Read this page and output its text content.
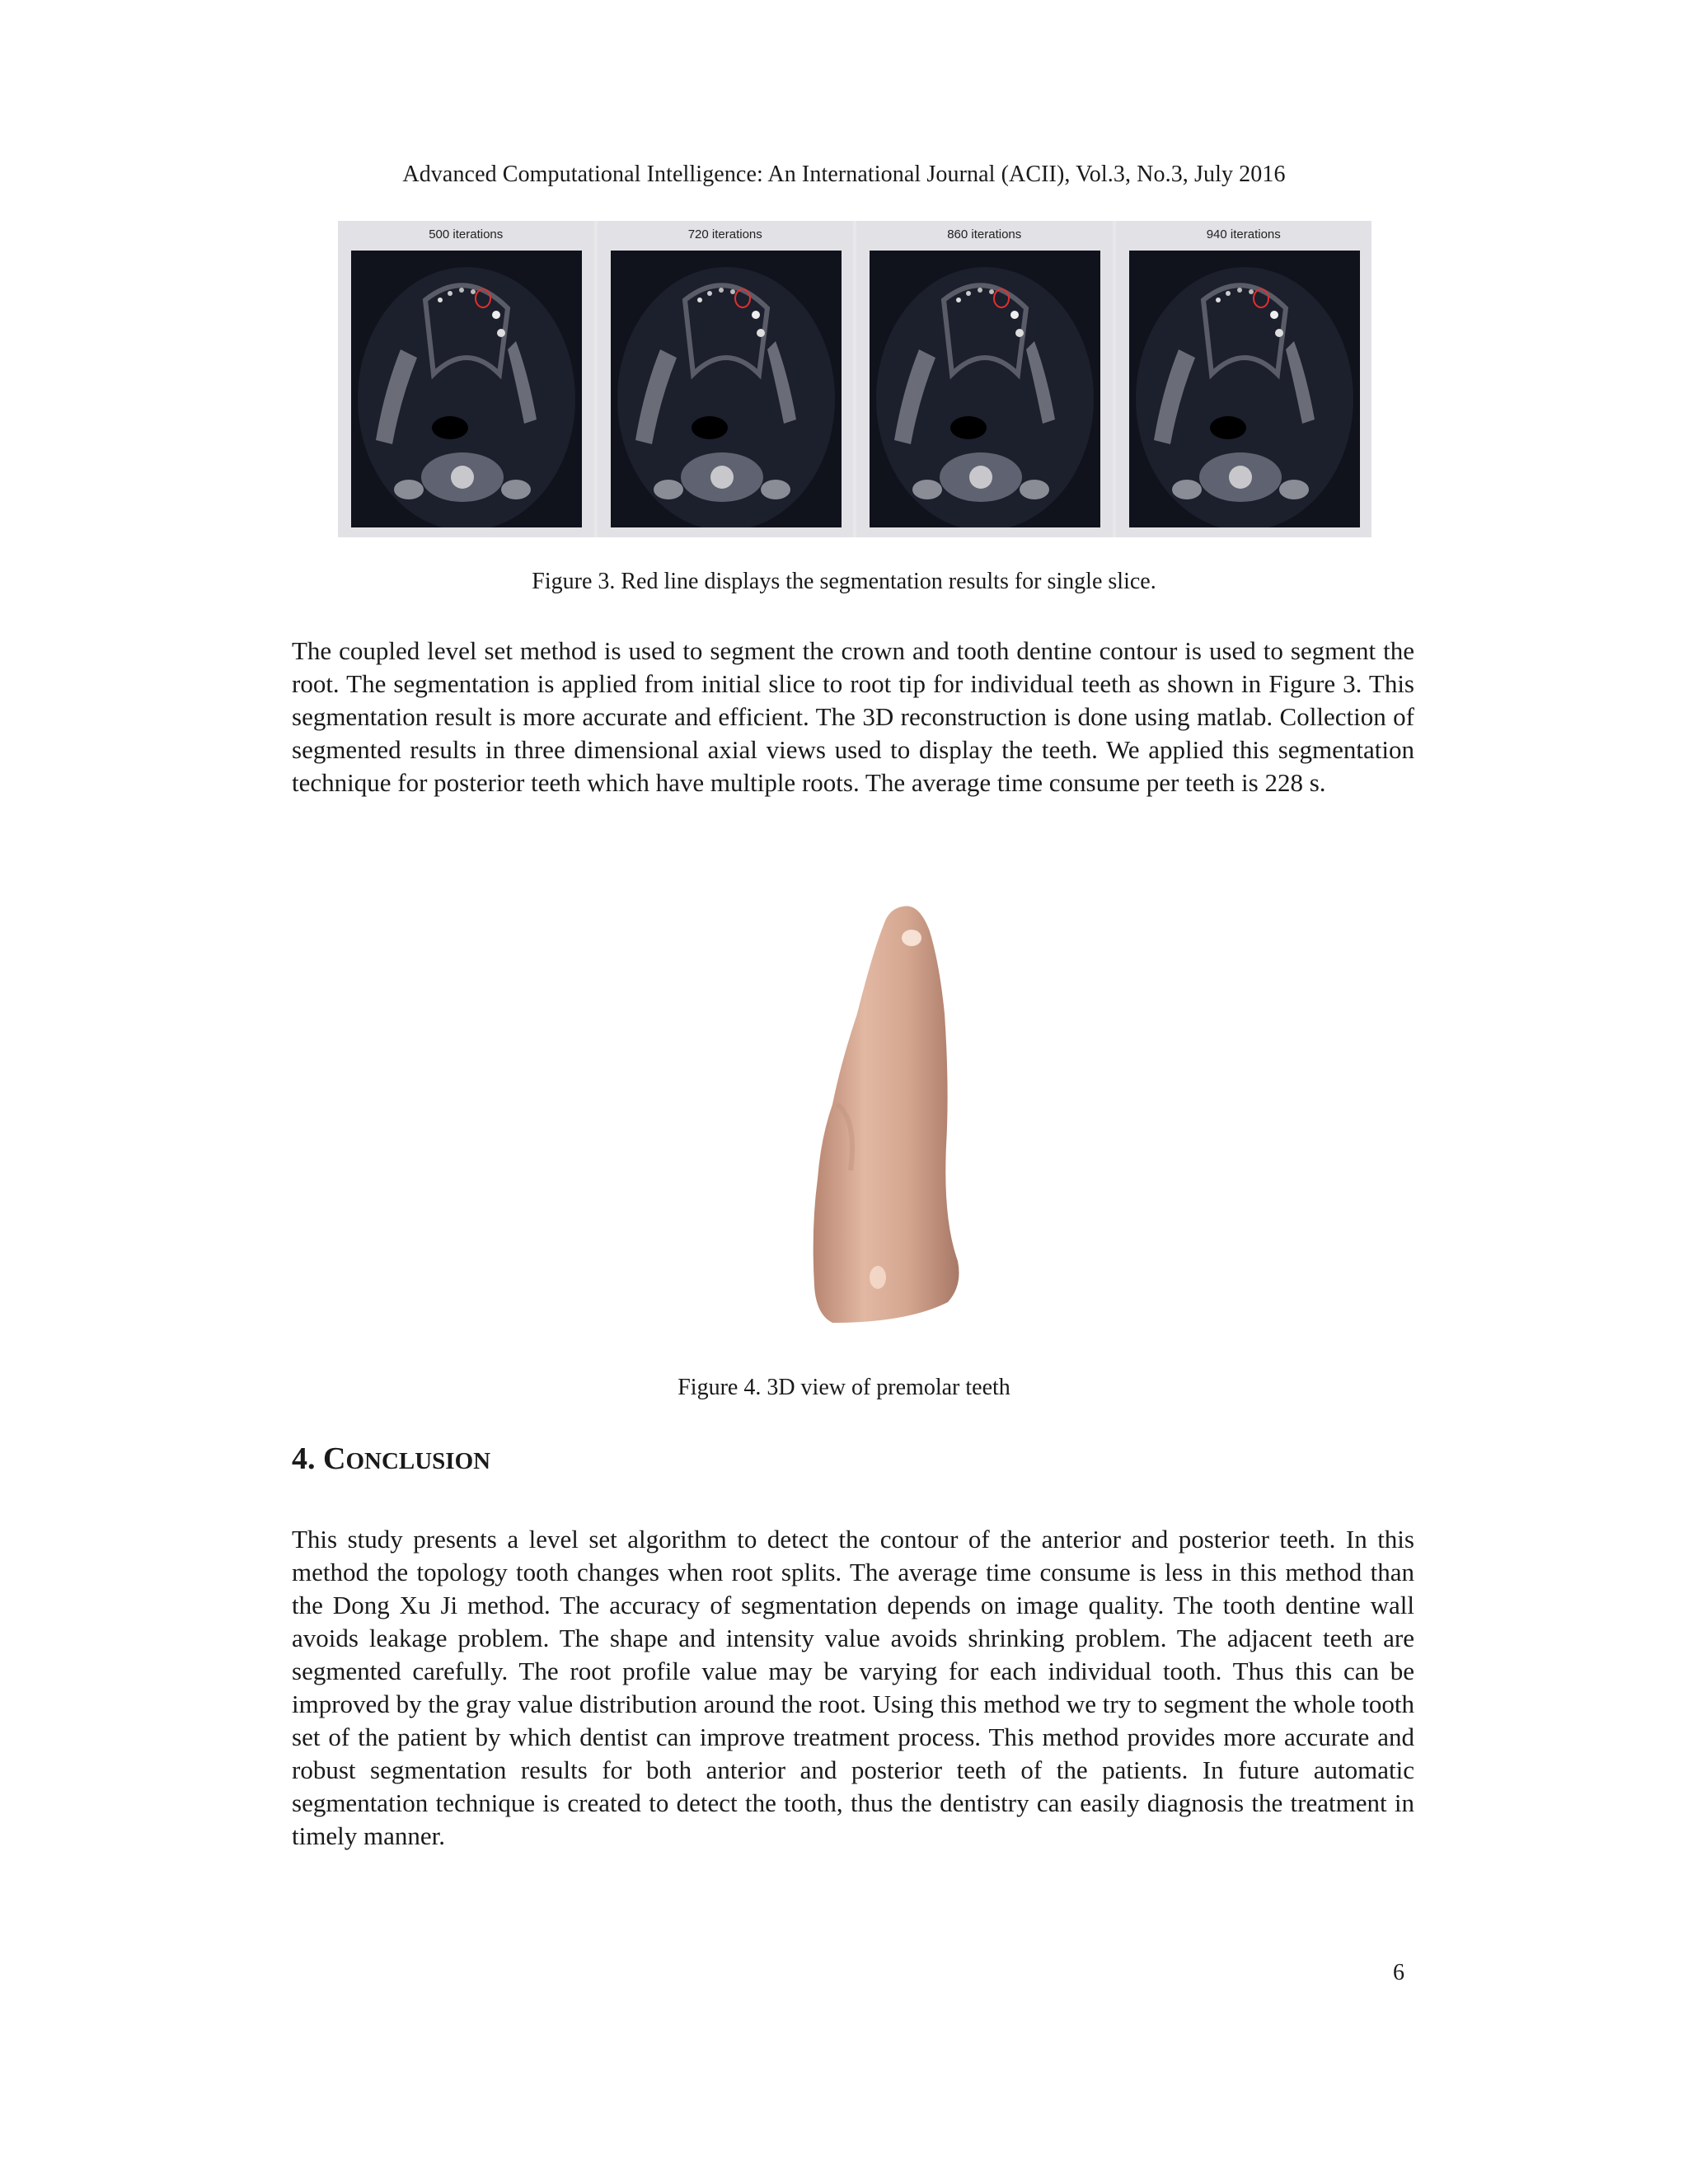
Advanced Computational Intelligence: An International Journal (ACII), Vol.3, No.3, July 2016
500 iterations	720 iterations	860 iterations	940 iterations
Figure 3. Red line displays the segmentation results for single slice.
The coupled level set method is used to segment the crown and tooth dentine contour is used to segment the root. The segmentation is applied from initial slice to root tip for individual teeth as shown in Figure 3. This segmentation result is more accurate and efficient. The 3D reconstruction is done using matlab. Collection of segmented results in three dimensional axial views used to display the teeth. We applied this segmentation technique for posterior teeth which have multiple roots. The average time consume per teeth is 228 s.
Figure 4. 3D view of premolar teeth
4. CONCLUSION
This study presents a level set algorithm to detect the contour of the anterior and posterior teeth. In this method the topology tooth changes when root splits. The average time consume is less in this method than the Dong Xu Ji method. The accuracy of segmentation depends on image quality. The tooth dentine wall avoids leakage problem. The shape and intensity value avoids shrinking problem. The adjacent teeth are segmented carefully. The root profile value may be varying for each individual tooth. Thus this can be improved by the gray value distribution around the root. Using this method we try to segment the whole tooth set of the patient by which dentist can improve treatment process. This method provides more accurate and robust segmentation results for both anterior and posterior teeth of the patients. In future automatic segmentation technique is created to detect the tooth, thus the dentistry can easily diagnosis the treatment in timely manner.
6
